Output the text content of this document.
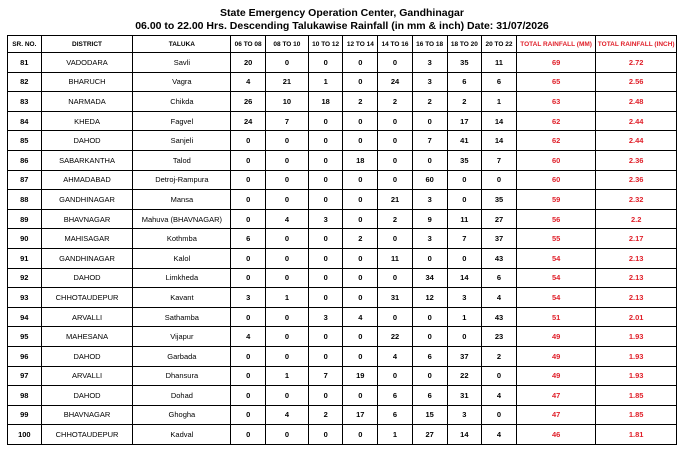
State Emergency Operation Center, Gandhinagar
06.00 to 22.00 Hrs. Descending Talukawise Rainfall (in mm & inch) Date: 31/07/2026
SR. NO.	DISTRICT	TALUKA	06 TO 08	08 TO 10	10 TO 12	12 TO 14	14 TO 16	16 TO 18	18 TO 20	20 TO 22	TOTAL RAINFALL (MM)	TOTAL RAINFALL (INCH)
81	VADODARA	Savli	20	0	0	0	0	3	35	11	69	2.72
82	BHARUCH	Vagra	4	21	1	0	24	3	6	6	65	2.56
83	NARMADA	Chikda	26	10	18	2	2	2	2	1	63	2.48
84	KHEDA	Fagvel	24	7	0	0	0	0	17	14	62	2.44
85	DAHOD	Sanjeli	0	0	0	0	0	7	41	14	62	2.44
86	SABARKANTHA	Talod	0	0	0	18	0	0	35	7	60	2.36
87	AHMADABAD	Detroj-Rampura	0	0	0	0	0	60	0	0	60	2.36
88	GANDHINAGAR	Mansa	0	0	0	0	21	3	0	35	59	2.32
89	BHAVNAGAR	Mahuva (BHAVNAGAR)	0	4	3	0	2	9	11	27	56	2.2
90	MAHISAGAR	Kothmba	6	0	0	2	0	3	7	37	55	2.17
91	GANDHINAGAR	Kalol	0	0	0	0	11	0	0	43	54	2.13
92	DAHOD	Limkheda	0	0	0	0	0	34	14	6	54	2.13
93	CHHOTAUDEPUR	Kavant	3	1	0	0	31	12	3	4	54	2.13
94	ARVALLI	Sathamba	0	0	3	4	0	0	1	43	51	2.01
95	MAHESANA	Vijapur	4	0	0	0	22	0	0	23	49	1.93
96	DAHOD	Garbada	0	0	0	0	4	6	37	2	49	1.93
97	ARVALLI	Dhansura	0	1	7	19	0	0	22	0	49	1.93
98	DAHOD	Dohad	0	0	0	0	6	6	31	4	47	1.85
99	BHAVNAGAR	Ghogha	0	4	2	17	6	15	3	0	47	1.85
100	CHHOTAUDEPUR	Kadval	0	0	0	0	1	27	14	4	46	1.81
